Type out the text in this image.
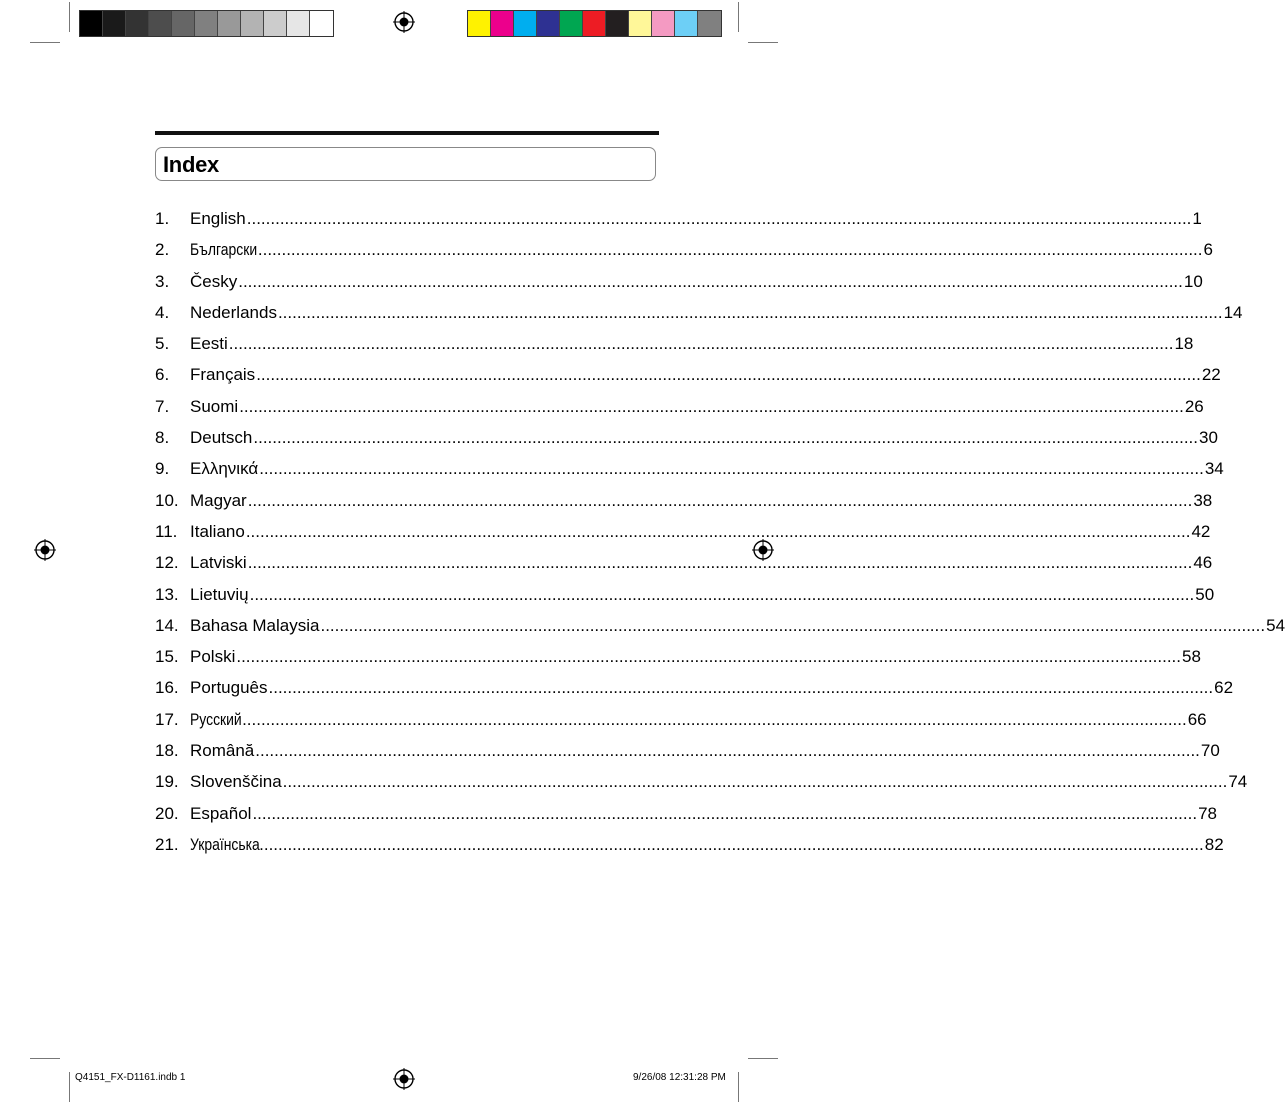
Index
1.	English ........................................................................................................................................................................................................ 1
2.	Български ........................................................................................................................................................................................................ 6
3.	Česky ........................................................................................................................................................................................................ 10
4.	Nederlands ........................................................................................................................................................................................................ 14
5.	Eesti ........................................................................................................................................................................................................ 18
6.	Français ........................................................................................................................................................................................................ 22
7.	Suomi ........................................................................................................................................................................................................ 26
8.	Deutsch ........................................................................................................................................................................................................ 30
9.	Ελληνικά ........................................................................................................................................................................................................ 34
10. Magyar ........................................................................................................................................................................................................ 38
11. Italiano ........................................................................................................................................................................................................ 42
12. Latviski ........................................................................................................................................................................................................ 46
13. Lietuvių ........................................................................................................................................................................................................ 50
14. Bahasa Malaysia ........................................................................................................................................................................................................ 54
15. Polski ........................................................................................................................................................................................................ 58
16. Português ........................................................................................................................................................................................................ 62
17. Русский ........................................................................................................................................................................................................ 66
18. Română ........................................................................................................................................................................................................ 70
19. Slovenščina ........................................................................................................................................................................................................ 74
20. Español ........................................................................................................................................................................................................ 78
21. Українська ........................................................................................................................................................................................................ 82
Q4151_FX-D1161.indb 1	9/26/08 12:31:28 PM
